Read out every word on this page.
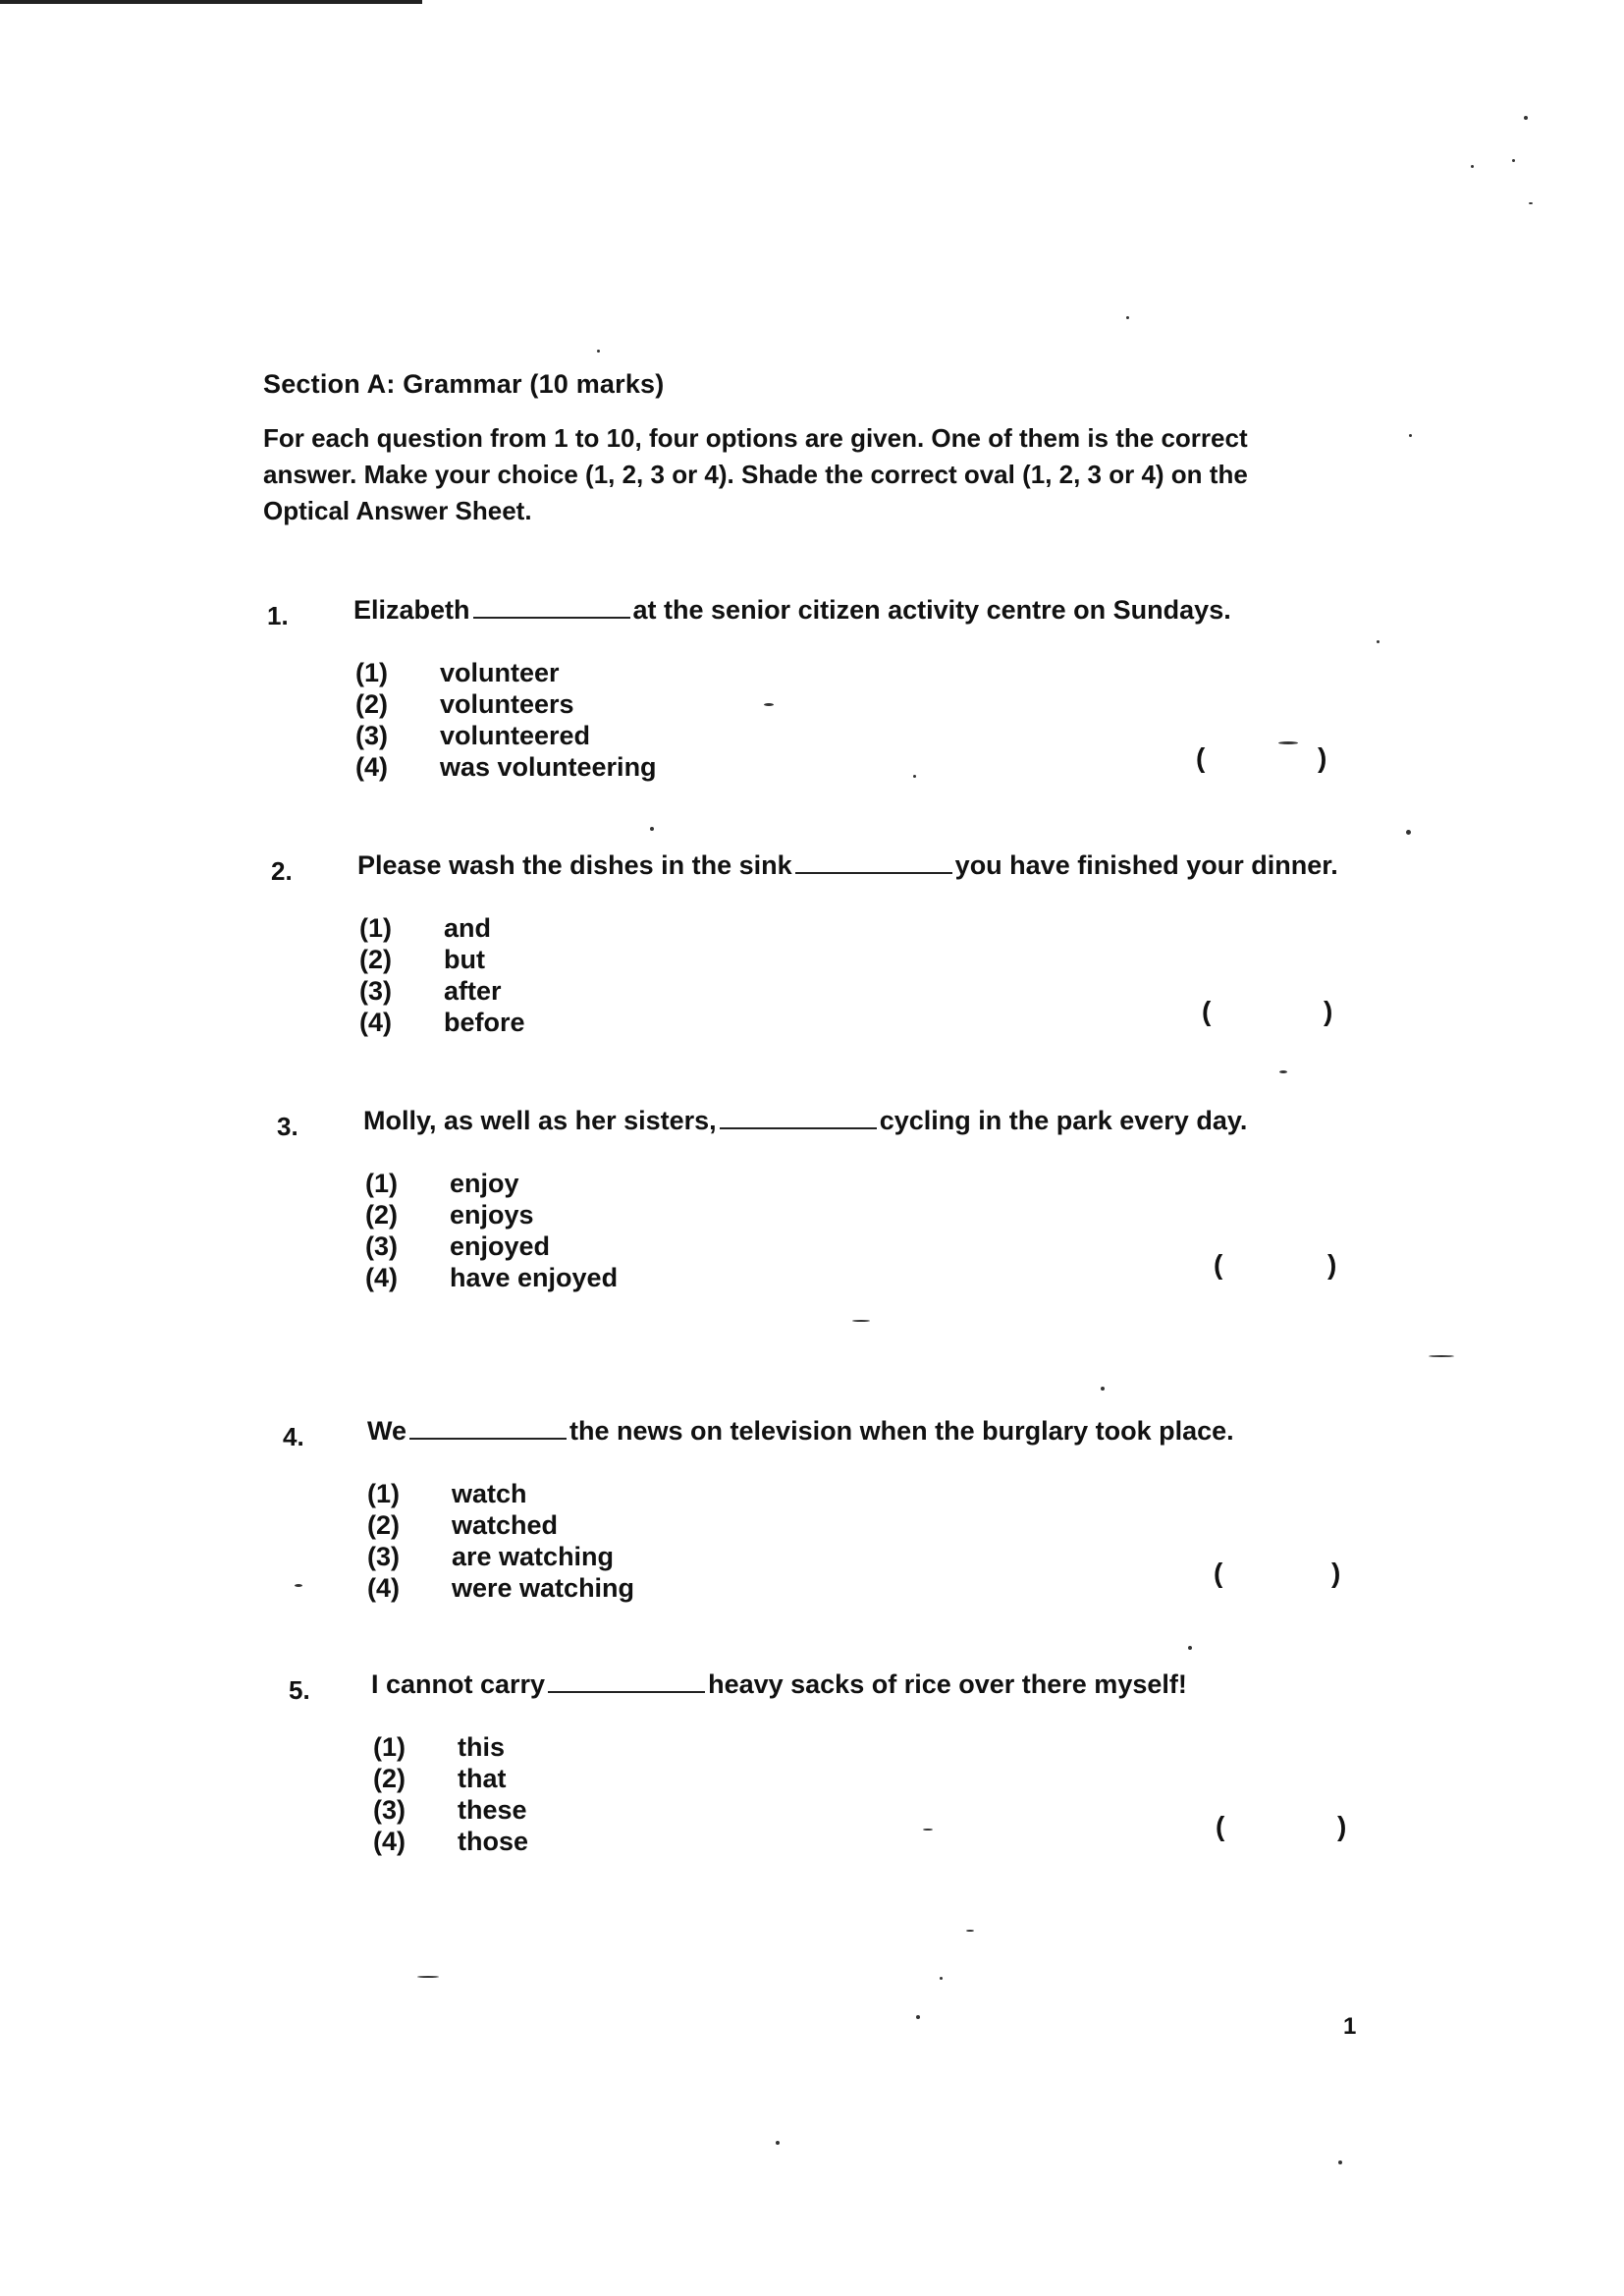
Section A: Grammar (10 marks)
For each question from 1 to 10, four options are given. One of them is the correct answer. Make your choice (1, 2, 3 or 4). Shade the correct oval (1, 2, 3 or 4) on the Optical Answer Sheet.
1.	Elizabeth	at the senior citizen activity centre on Sundays.
(1) volunteer
(2) volunteers
(3) volunteered
(4) was volunteering	(	)
2.	Please wash the dishes in the sink	you have finished your dinner.
(1) and
(2) but
(3) after
(4) before	(	)
3.	Molly, as well as her sisters,	cycling in the park every day.
(1) enjoy
(2) enjoys
(3) enjoyed
(4) have enjoyed	(	)
4.	We	the news on television when the burglary took place.
(1) watch
(2) watched
(3) are watching
(4) were watching	(	)
5.	I cannot carry	heavy sacks of rice over there myself!
(1) this
(2) that
(3) these
(4) those	(	)
1
